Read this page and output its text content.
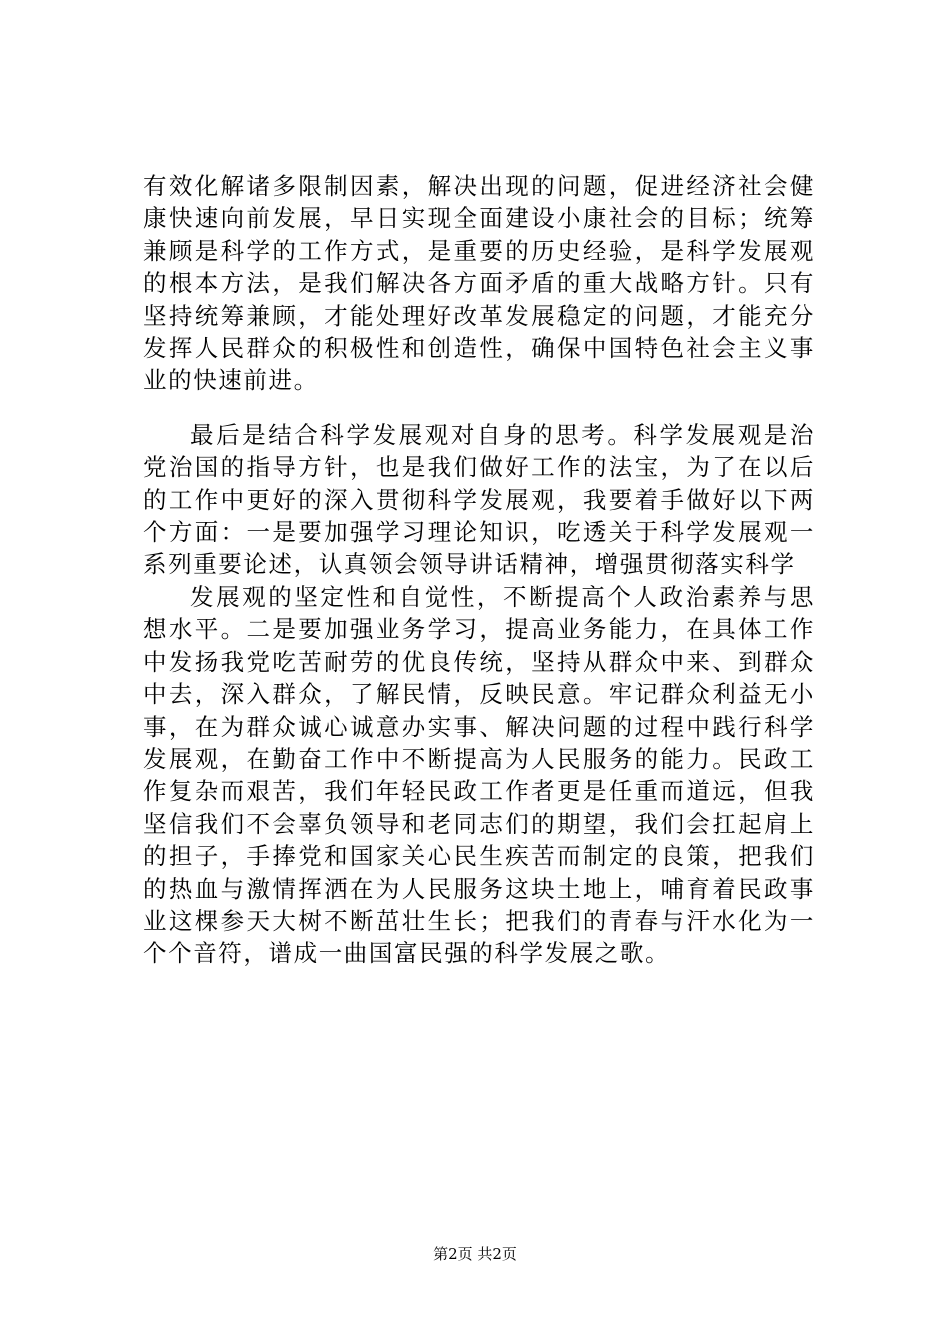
有效化解诸多限制因素，解决出现的问题，促进经济社会健康快速向前发展，早日实现全面建设小康社会的目标；统筹兼顾是科学的工作方式，是重要的历史经验，是科学发展观的根本方法，是我们解决各方面矛盾的重大战略方针。只有坚持统筹兼顾，才能处理好改革发展稳定的问题，才能充分发挥人民群众的积极性和创造性，确保中国特色社会主义事业的快速前进。

最后是结合科学发展观对自身的思考。科学发展观是治党治国的指导方针，也是我们做好工作的法宝，为了在以后的工作中更好的深入贯彻科学发展观，我要着手做好以下两个方面：一是要加强学习理论知识，吃透关于科学发展观一系列重要论述，认真领会领导讲话精神，增强贯彻落实科学

发展观的坚定性和自觉性，不断提高个人政治素养与思想水平。二是要加强业务学习，提高业务能力，在具体工作中发扬我党吃苦耐劳的优良传统，坚持从群众中来、到群众中去，深入群众，了解民情，反映民意。牢记群众利益无小事，在为群众诚心诚意办实事、解决问题的过程中践行科学发展观，在勤奋工作中不断提高为人民服务的能力。民政工作复杂而艰苦，我们年轻民政工作者更是任重而道远，但我坚信我们不会辜负领导和老同志们的期望，我们会扛起肩上的担子，手捧党和国家关心民生疾苦而制定的良策，把我们的热血与激情挥洒在为人民服务这块土地上，哺育着民政事业这棵参天大树不断茁壮生长；把我们的青春与汗水化为一个个音符，谱成一曲国富民强的科学发展之歌。

第2页 共2页
